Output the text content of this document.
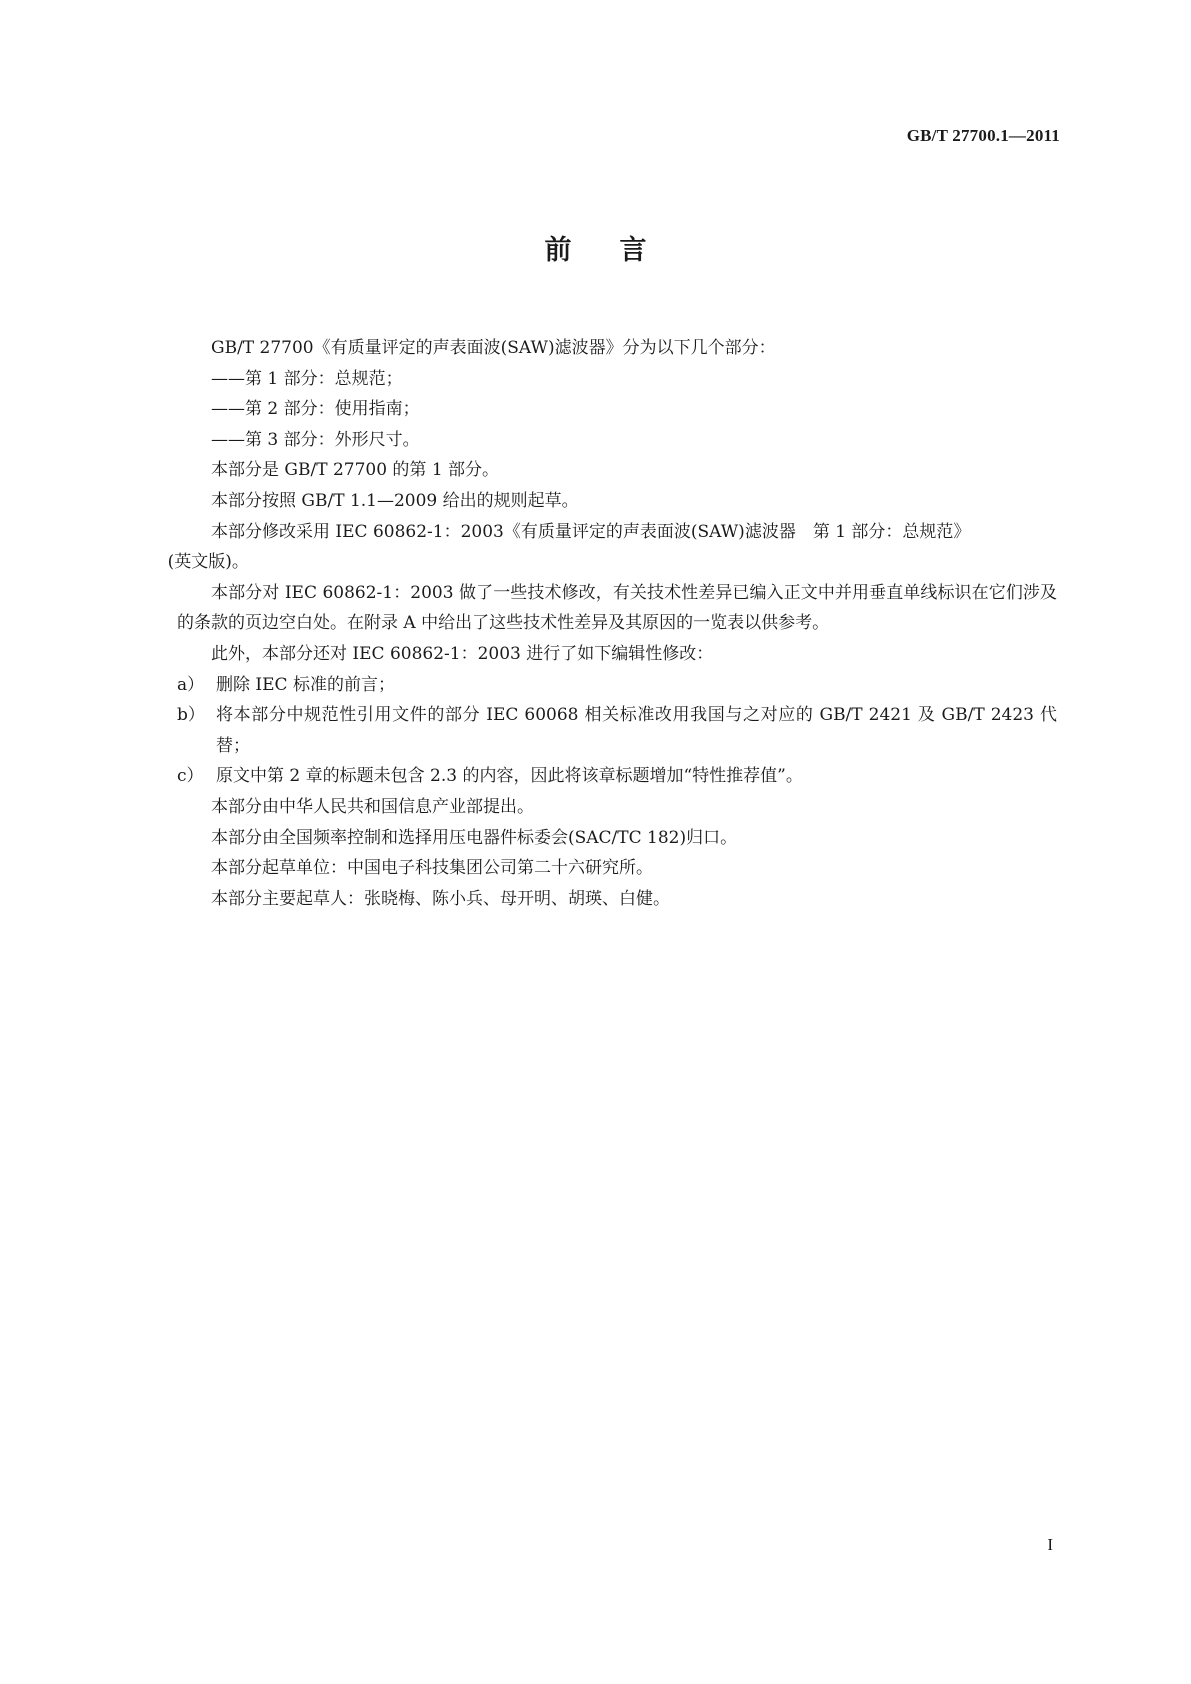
GB/T 27700.1—2011
前言

GB/T 27700《有质量评定的声表面波(SAW)滤波器》分为以下几个部分：

——第 1 部分：总规范；

——第 2 部分：使用指南；

——第 3 部分：外形尺寸。

本部分是 GB/T 27700 的第 1 部分。

本部分按照 GB/T 1.1—2009 给出的规则起草。

本部分修改采用 IEC 60862-1：2003《有质量评定的声表面波(SAW)滤波器　第 1 部分：总规范》

(英文版)。

本部分对 IEC 60862-1：2003 做了一些技术修改，有关技术性差异已编入正文中并用垂直单线标识在它们涉及的条款的页边空白处。在附录 A 中给出了这些技术性差异及其原因的一览表以供参考。

此外，本部分还对 IEC 60862-1：2003 进行了如下编辑性修改：

a） 删除 IEC 标准的前言；
b） 将本部分中规范性引用文件的部分 IEC 60068 相关标准改用我国与之对应的 GB/T 2421 及 GB/T 2423 代替；
c） 原文中第 2 章的标题未包含 2.3 的内容，因此将该章标题增加“特性推荐值”。

本部分由中华人民共和国信息产业部提出。

本部分由全国频率控制和选择用压电器件标委会(SAC/TC 182)归口。

本部分起草单位：中国电子科技集团公司第二十六研究所。

本部分主要起草人：张晓梅、陈小兵、母开明、胡瑛、白健。

I
